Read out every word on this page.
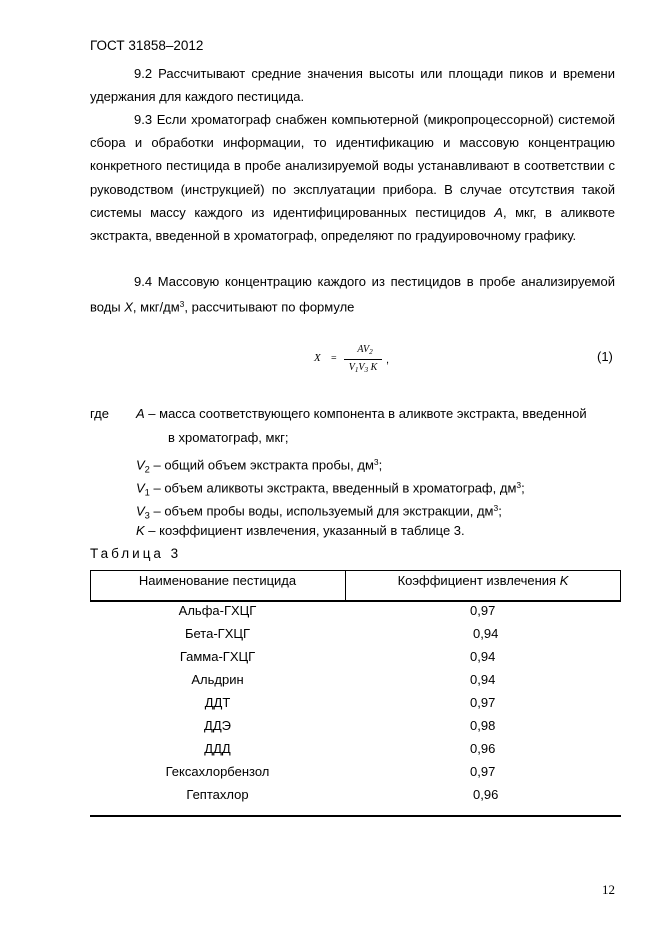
ГОСТ 31858–2012
9.2 Рассчитывают средние значения высоты или площади пиков и времени удержания для каждого пестицида.
9.3 Если хроматограф снабжен компьютерной (микропроцессорной) системой сбора и обработки информации, то идентификацию и массовую концентрацию конкретного пестицида в пробе анализируемой воды устанавливают в соответствии с руководством (инструкцией) по эксплуатации прибора. В случае отсутствия такой системы массу каждого из идентифицированных пестицидов А, мкг, в аликвоте экстракта, введенной в хроматограф, определяют по градуировочному графику.
9.4 Массовую концентрацию каждого из пестицидов в пробе анализируемой воды X, мкг/$дм^3$, рассчитывают по формуле
X =
$AV_2$
$V_1V_3$ K
,	(1)
где A – масса соответствующего компонента в аликвоте экстракта, введенной
в хроматограф, мкг;
$V_2$ – общий объем экстракта пробы, $дм^3$;
$V_1$ – объем аликвоты экстракта, введенный в хроматограф, $дм^3$;
$V_3$ – объем пробы воды, используемый для экстракции, $дм^3$;
K – коэффициент извлечения, указанный в таблице 3.
Таблица 3
Наименование пестицида	Коэффициент извлечения K
Альфа-ГХЦГ	0,97
Бета-ГХЦГ	0,94
Гамма-ГХЦГ	0,94
Альдрин	0,94
ДДТ	0,97
ДДЭ	0,98
ДДД	0,96
Гексахлорбензол	0,97
Гептахлор	0,96
12
